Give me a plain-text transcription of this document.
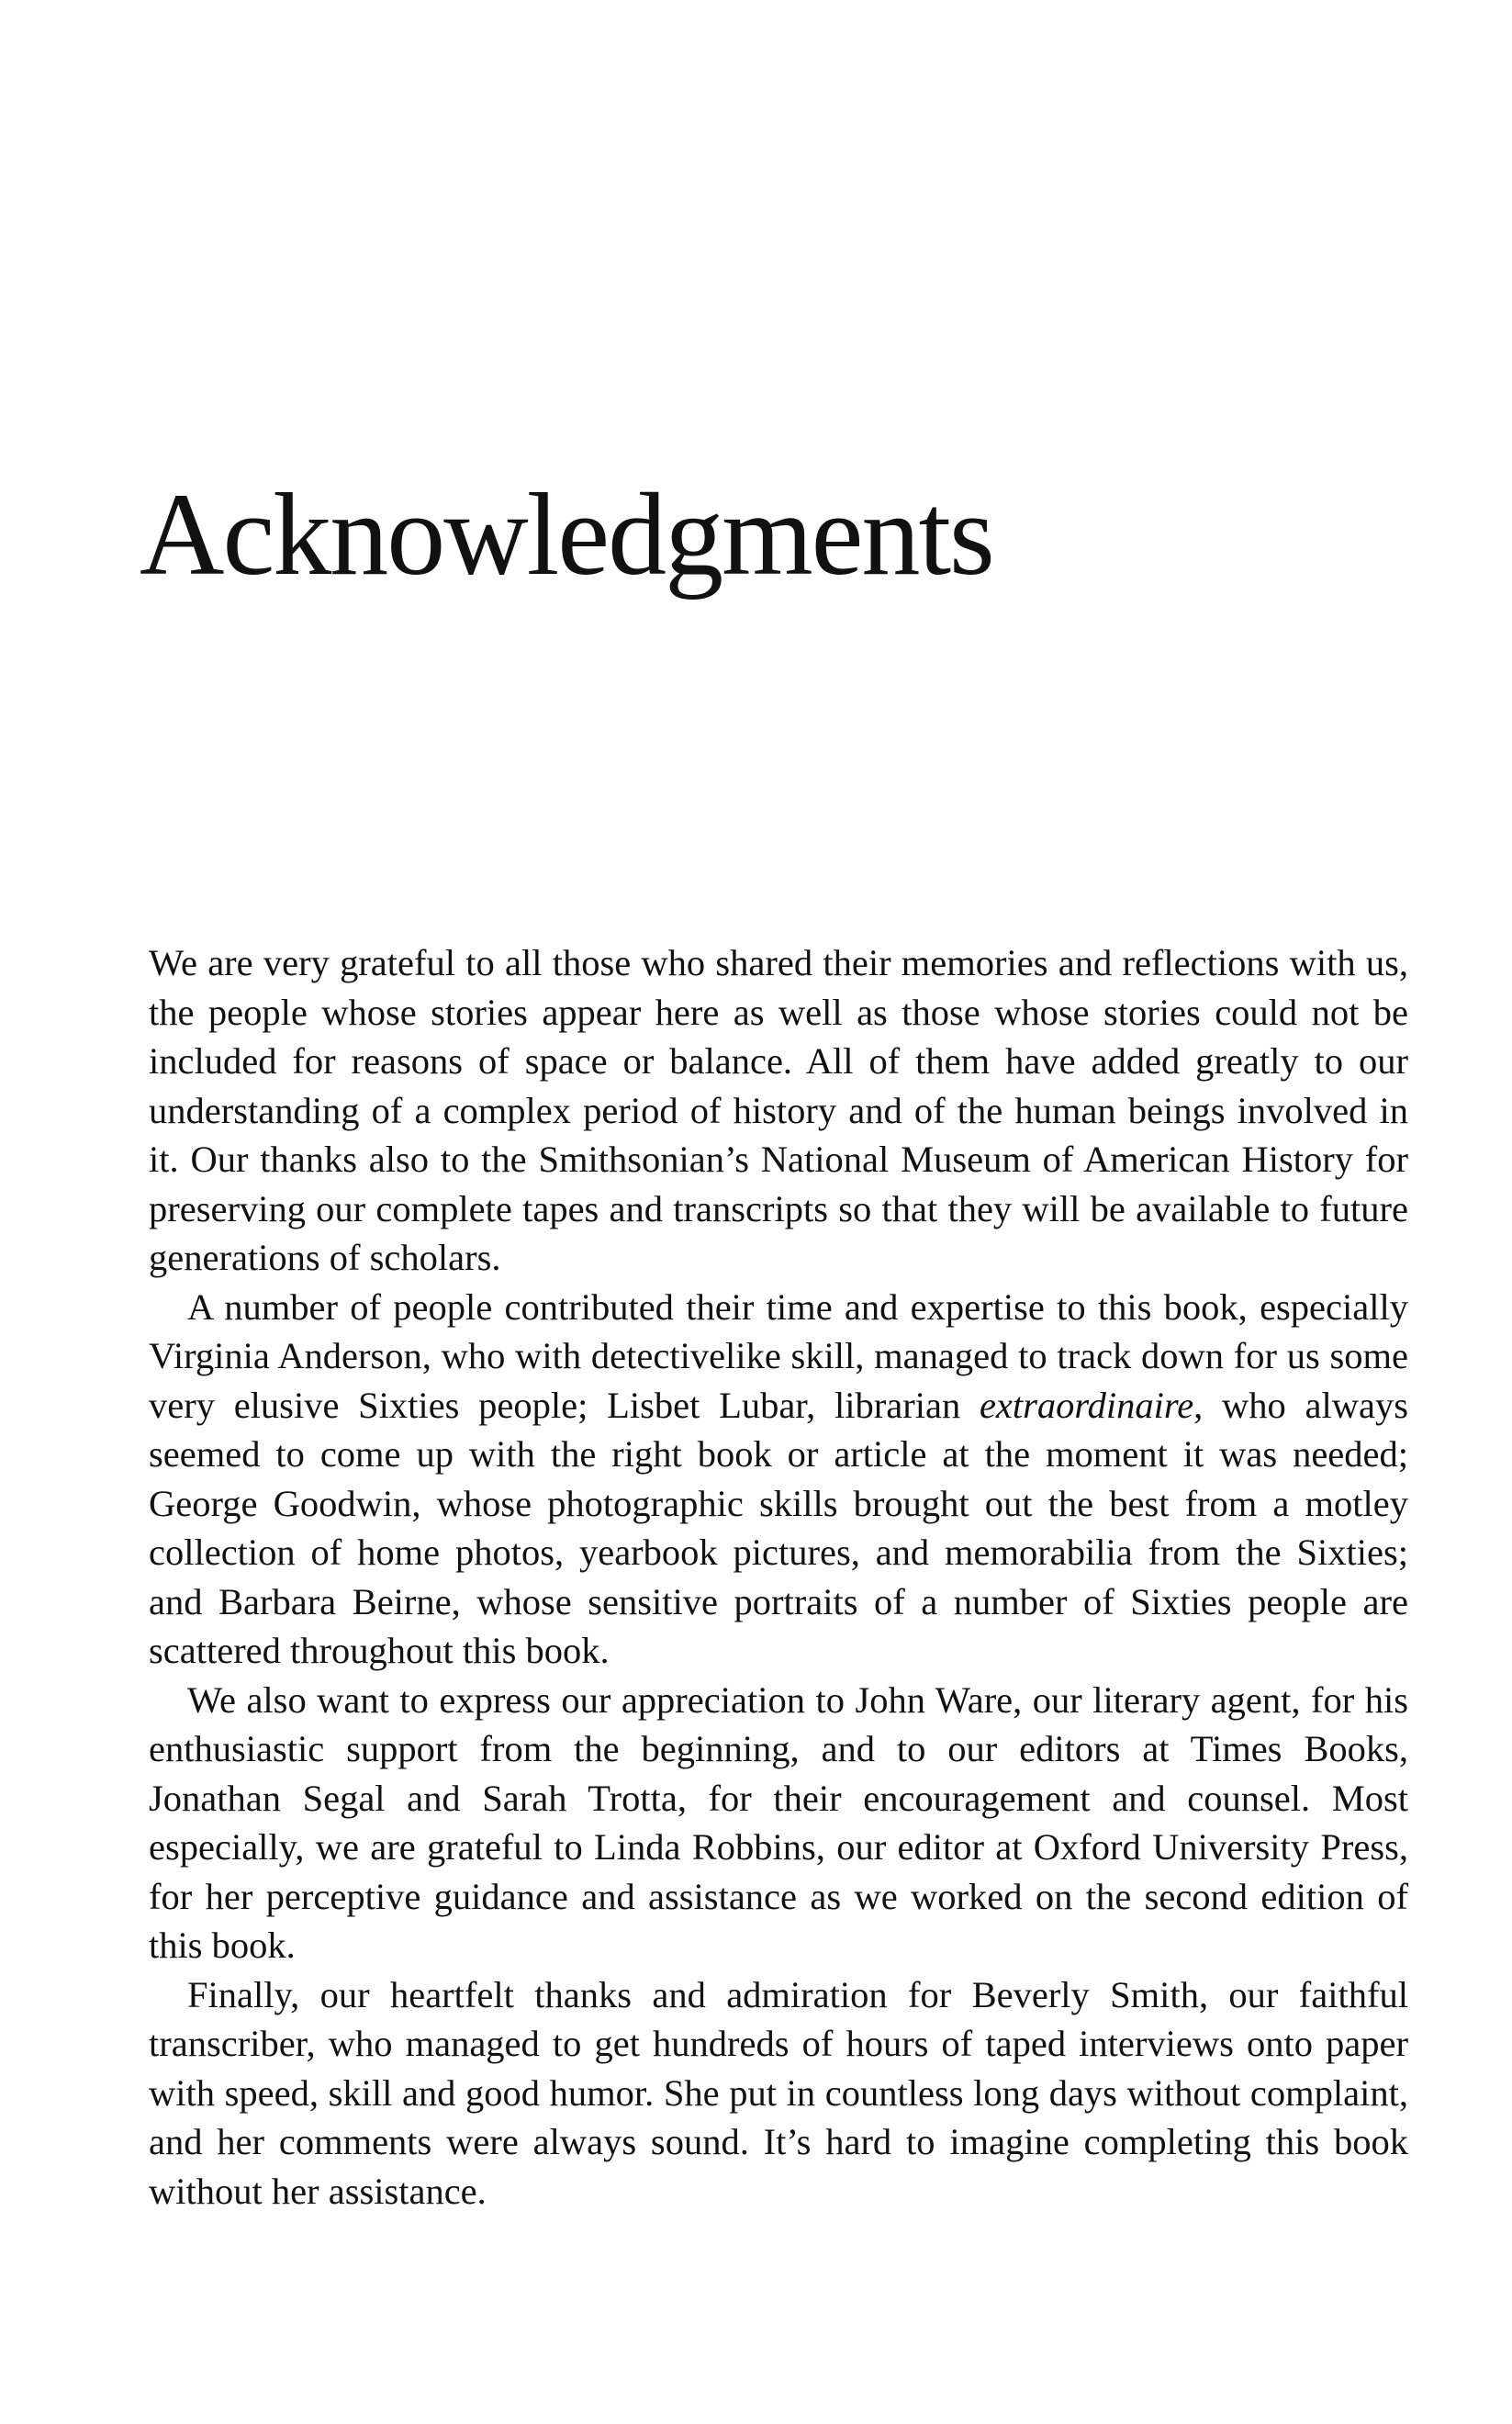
Acknowledgments

We are very grateful to all those who shared their memories and reflections with us, the people whose stories appear here as well as those whose stories could not be included for reasons of space or balance. All of them have added greatly to our understanding of a complex period of history and of the human beings involved in it. Our thanks also to the Smithsonian’s National Museum of American History for preserving our complete tapes and transcripts so that they will be available to future generations of scholars.

A number of people contributed their time and expertise to this book, especially Virginia Anderson, who with detectivelike skill, managed to track down for us some very elusive Sixties people; Lisbet Lubar, librarian extraordinaire, who always seemed to come up with the right book or article at the moment it was needed; George Goodwin, whose photographic skills brought out the best from a motley collection of home photos, yearbook pictures, and memorabilia from the Sixties; and Barbara Beirne, whose sensitive portraits of a number of Sixties people are scattered throughout this book.

We also want to express our appreciation to John Ware, our literary agent, for his enthusiastic support from the beginning, and to our editors at Times Books, Jonathan Segal and Sarah Trotta, for their encouragement and counsel. Most especially, we are grateful to Linda Robbins, our editor at Oxford University Press, for her perceptive guidance and assistance as we worked on the second edition of this book.

Finally, our heartfelt thanks and admiration for Beverly Smith, our faithful transcriber, who managed to get hundreds of hours of taped interviews onto paper with speed, skill and good humor. She put in countless long days without complaint, and her comments were always sound. It’s hard to imagine completing this book without her assistance.
